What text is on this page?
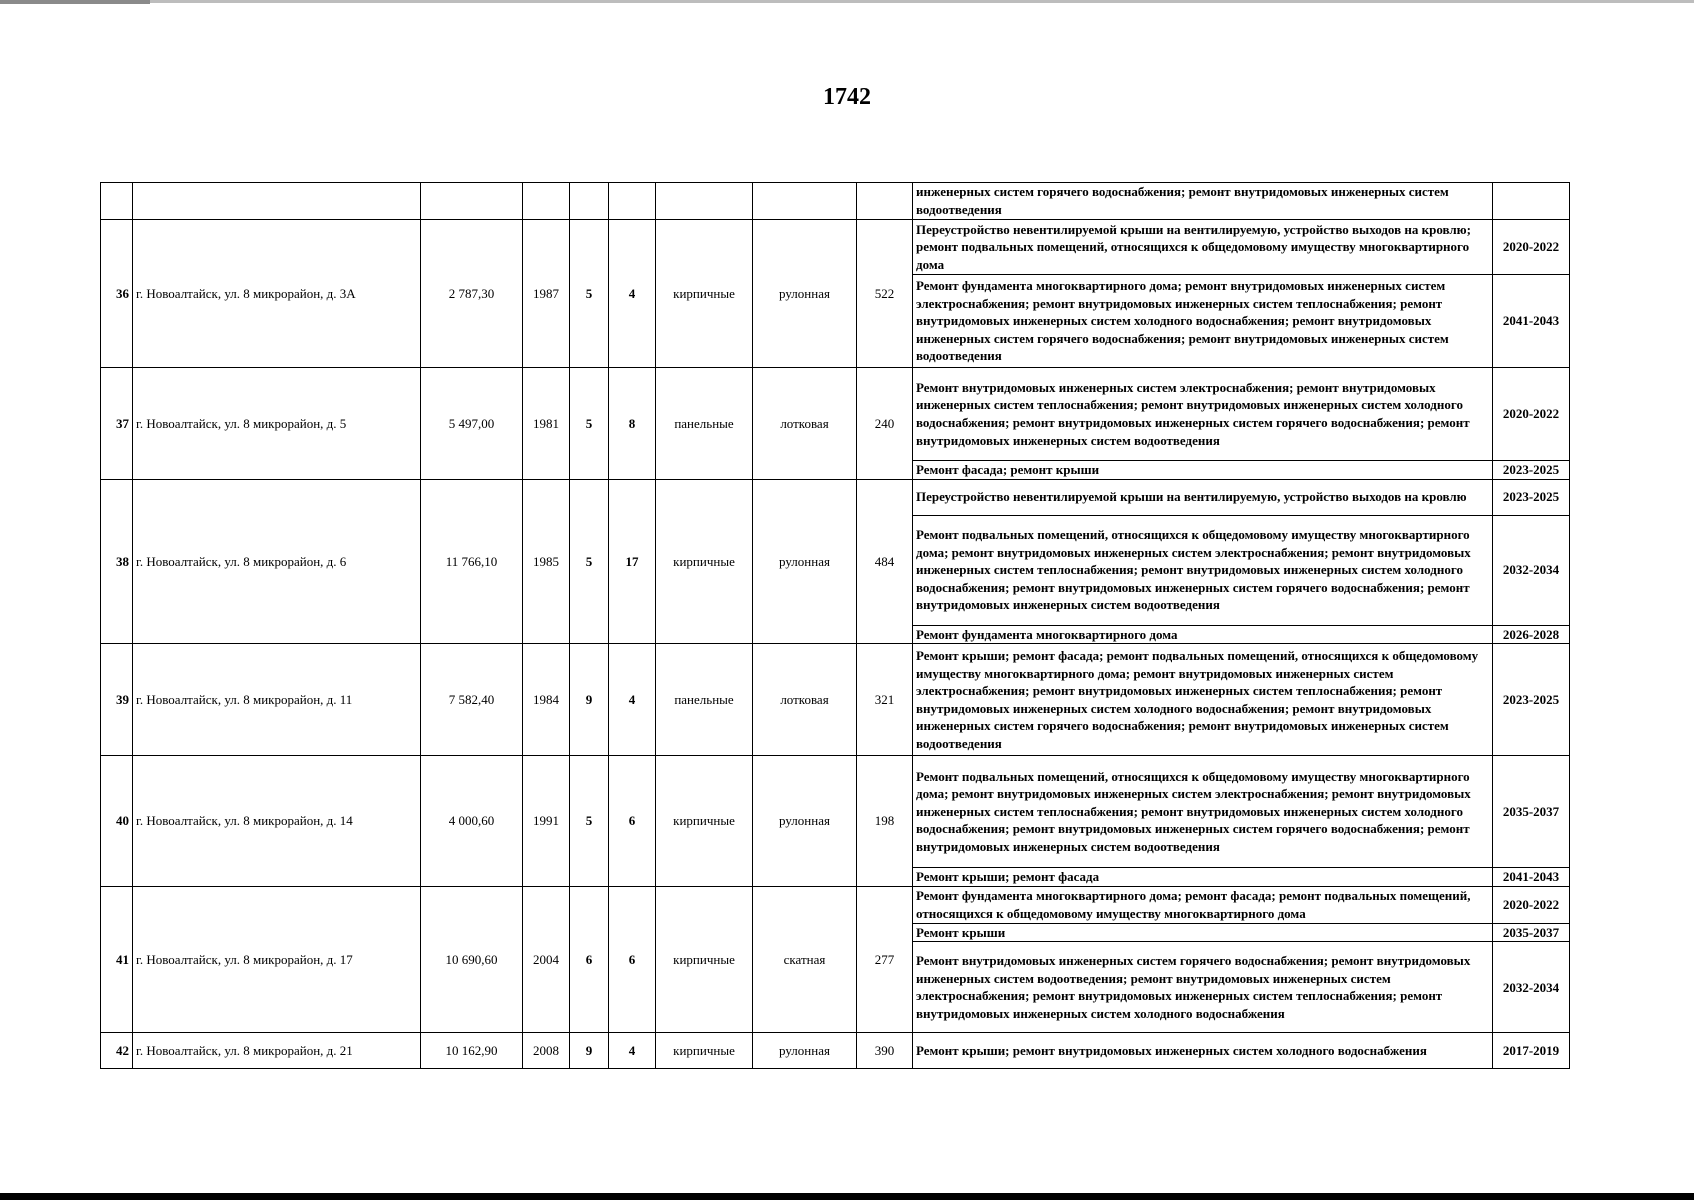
1742
									инженерных систем горячего водоснабжения; ремонт внутридомовых инженерных систем водоотведения	
36	г. Новоалтайск, ул. 8 микрорайон, д. 3А	2 787,30	1987	5	4	кирпичные	рулонная	522	Переустройство невентилируемой крыши на вентилируемую, устройство выходов на кровлю; ремонт подвальных помещений, относящихся к общедомовому имуществу многоквартирного дома	2020-2022
									Ремонт фундамента многоквартирного дома; ремонт внутридомовых инженерных систем электроснабжения; ремонт внутридомовых инженерных систем теплоснабжения; ремонт внутридомовых инженерных систем холодного водоснабжения; ремонт внутридомовых инженерных систем горячего водоснабжения; ремонт внутридомовых инженерных систем водоотведения	2041-2043
37	г. Новоалтайск, ул. 8 микрорайон, д. 5	5 497,00	1981	5	8	панельные	лотковая	240	Ремонт внутридомовых инженерных систем электроснабжения; ремонт внутридомовых инженерных систем теплоснабжения; ремонт внутридомовых инженерных систем холодного водоснабжения; ремонт внутридомовых инженерных систем горячего водоснабжения; ремонт внутридомовых инженерных систем водоотведения	2020-2022
									Ремонт фасада; ремонт крыши	2023-2025
38	г. Новоалтайск, ул. 8 микрорайон, д. 6	11 766,10	1985	5	17	кирпичные	рулонная	484	Переустройство невентилируемой крыши на вентилируемую, устройство выходов на кровлю	2023-2025
									Ремонт подвальных помещений, относящихся к общедомовому имуществу многоквартирного дома; ремонт внутридомовых инженерных систем электроснабжения; ремонт внутридомовых инженерных систем теплоснабжения; ремонт внутридомовых инженерных систем холодного водоснабжения; ремонт внутридомовых инженерных систем горячего водоснабжения; ремонт внутридомовых инженерных систем водоотведения	2032-2034
									Ремонт фундамента многоквартирного дома	2026-2028
39	г. Новоалтайск, ул. 8 микрорайон, д. 11	7 582,40	1984	9	4	панельные	лотковая	321	Ремонт крыши; ремонт фасада; ремонт подвальных помещений, относящихся к общедомовому имуществу многоквартирного дома; ремонт внутридомовых инженерных систем электроснабжения; ремонт внутридомовых инженерных систем теплоснабжения; ремонт внутридомовых инженерных систем холодного водоснабжения; ремонт внутридомовых инженерных систем горячего водоснабжения; ремонт внутридомовых инженерных систем водоотведения	2023-2025
40	г. Новоалтайск, ул. 8 микрорайон, д. 14	4 000,60	1991	5	6	кирпичные	рулонная	198	Ремонт подвальных помещений, относящихся к общедомовому имуществу многоквартирного дома; ремонт внутридомовых инженерных систем электроснабжения; ремонт внутридомовых инженерных систем теплоснабжения; ремонт внутридомовых инженерных систем холодного водоснабжения; ремонт внутридомовых инженерных систем горячего водоснабжения; ремонт внутридомовых инженерных систем водоотведения	2035-2037
									Ремонт крыши; ремонт фасада	2041-2043
41	г. Новоалтайск, ул. 8 микрорайон, д. 17	10 690,60	2004	6	6	кирпичные	скатная	277	Ремонт фундамента многоквартирного дома; ремонт фасада; ремонт подвальных помещений, относящихся к общедомовому имуществу многоквартирного дома	2020-2022
									Ремонт крыши	2035-2037
									Ремонт внутридомовых инженерных систем горячего водоснабжения; ремонт внутридомовых инженерных систем водоотведения; ремонт внутридомовых инженерных систем электроснабжения; ремонт внутридомовых инженерных систем теплоснабжения; ремонт внутридомовых инженерных систем холодного водоснабжения	2032-2034
42	г. Новоалтайск, ул. 8 микрорайон, д. 21	10 162,90	2008	9	4	кирпичные	рулонная	390	Ремонт крыши; ремонт внутридомовых инженерных систем холодного водоснабжения	2017-2019
